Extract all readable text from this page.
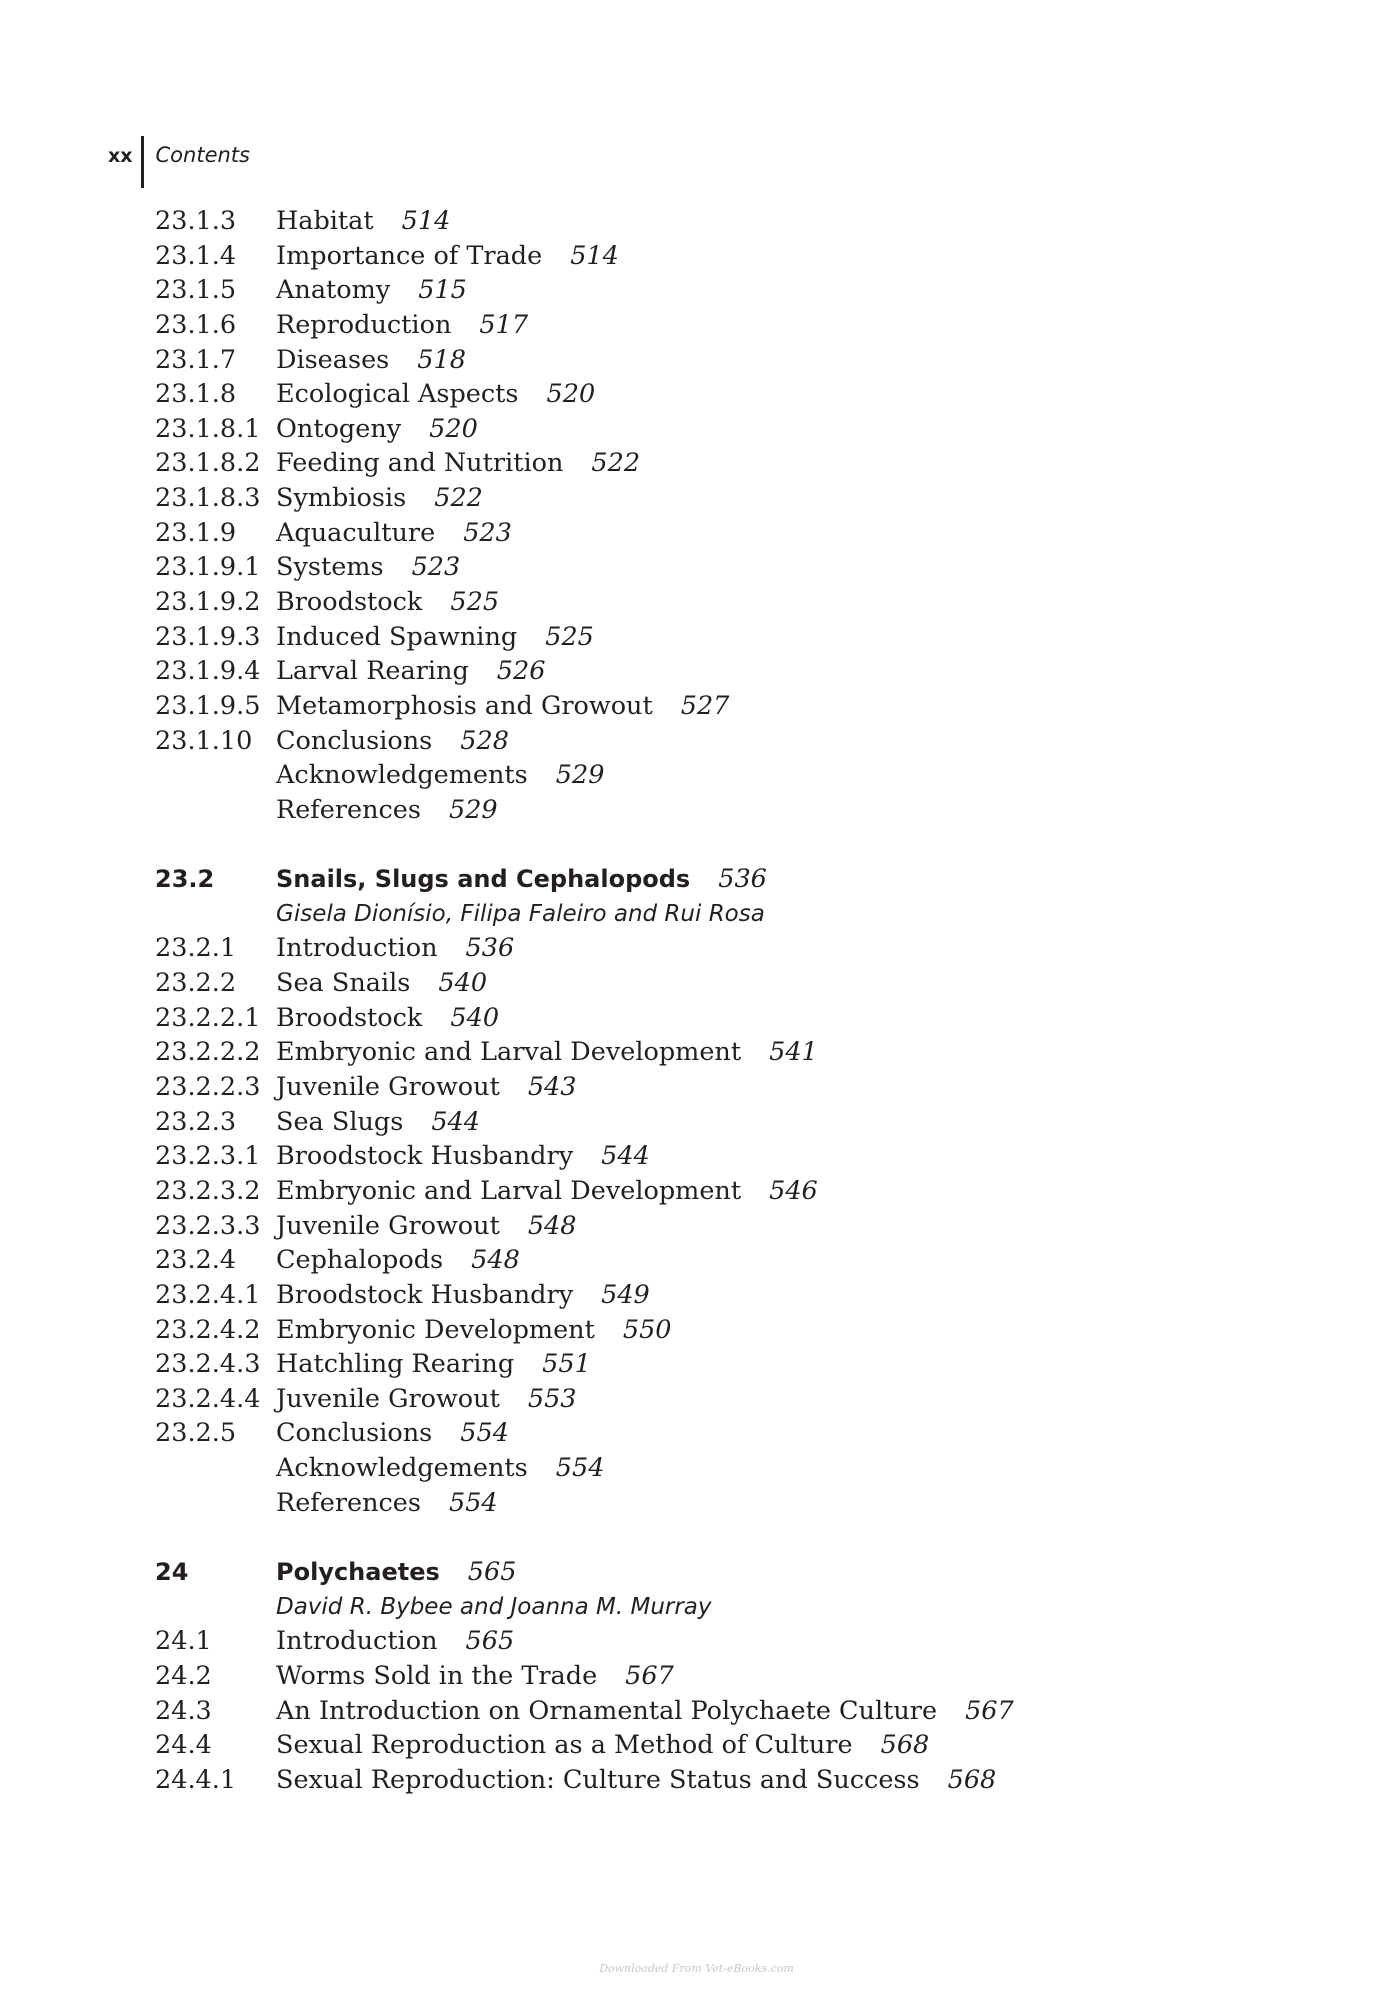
xx	Contents
23.1.3	Habitat 514
23.1.4	Importance of Trade 514
23.1.5	Anatomy 515
23.1.6	Reproduction 517
23.1.7	Diseases 518
23.1.8	Ecological Aspects 520
23.1.8.1 Ontogeny 520
23.1.8.2 Feeding and Nutrition 522
23.1.8.3 Symbiosis 522
23.1.9	Aquaculture 523
23.1.9.1 Systems 523
23.1.9.2 Broodstock 525
23.1.9.3 Induced Spawning 525
23.1.9.4 Larval Rearing 526
23.1.9.5 Metamorphosis and Growout 527
23.1.10 Conclusions 528
Acknowledgements 529
References 529
23.2	Snails, Slugs and Cephalopods 536
Gisela Dionísio, Filipa Faleiro and Rui Rosa
23.2.1	Introduction 536
23.2.2	Sea Snails 540
23.2.2.1 Broodstock 540
23.2.2.2 Embryonic and Larval Development 541
23.2.2.3 Juvenile Growout 543
23.2.3	Sea Slugs 544
23.2.3.1 Broodstock Husbandry 544
23.2.3.2 Embryonic and Larval Development 546
23.2.3.3 Juvenile Growout 548
23.2.4	Cephalopods 548
23.2.4.1 Broodstock Husbandry 549
23.2.4.2 Embryonic Development 550
23.2.4.3 Hatchling Rearing 551
23.2.4.4 Juvenile Growout 553
23.2.5	Conclusions 554
Acknowledgements 554
References 554
24	Polychaetes 565
David R. Bybee and Joanna M. Murray
24.1	Introduction 565
24.2	Worms Sold in the Trade 567
24.3	An Introduction on Ornamental Polychaete Culture 567
24.4	Sexual Reproduction as a Method of Culture 568
24.4.1	Sexual Reproduction: Culture Status and Success 568
Downloaded From Vet-eBooks.com
